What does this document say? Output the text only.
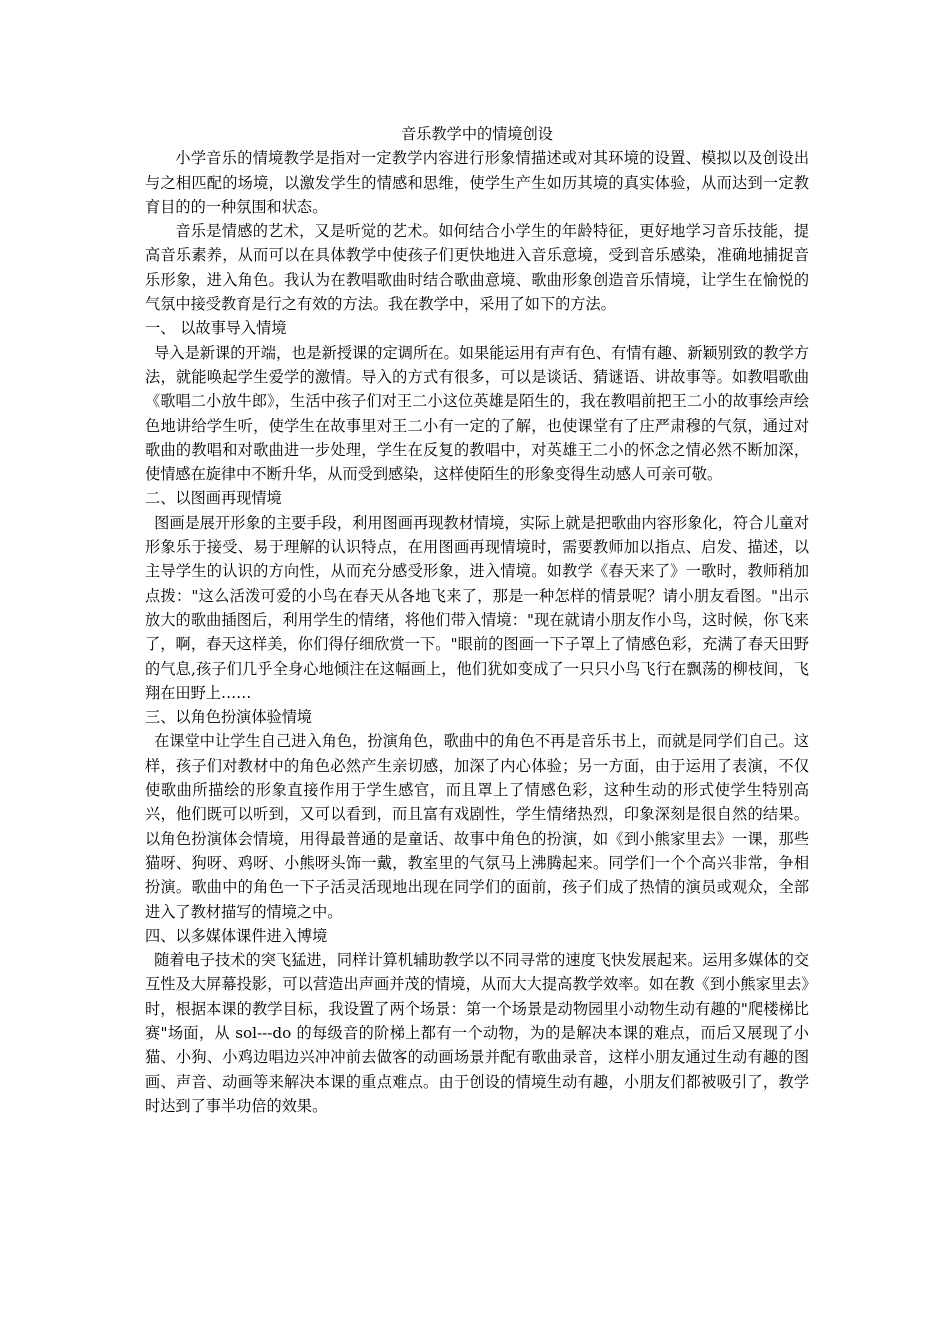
音乐教学中的情境创设

小学音乐的情境教学是指对一定教学内容进行形象情描述或对其环境的设置、模拟以及创设出与之相匹配的场境，以激发学生的情感和思维，使学生产生如历其境的真实体验，从而达到一定教育目的的一种氛围和状态。

音乐是情感的艺术，又是听觉的艺术。如何结合小学生的年龄特征，更好地学习音乐技能，提高音乐素养，从而可以在具体教学中使孩子们更快地进入音乐意境，受到音乐感染，准确地捕捉音乐形象，进入角色。我认为在教唱歌曲时结合歌曲意境、歌曲形象创造音乐情境，让学生在愉悦的气氛中接受教育是行之有效的方法。我在教学中，采用了如下的方法。

一、 以故事导入情境

导入是新课的开端，也是新授课的定调所在。如果能运用有声有色、有情有趣、新颖别致的教学方法，就能唤起学生爱学的激情。导入的方式有很多，可以是谈话、猜谜语、讲故事等。如教唱歌曲《歌唱二小放牛郎》，生活中孩子们对王二小这位英雄是陌生的，我在教唱前把王二小的故事绘声绘色地讲给学生听，使学生在故事里对王二小有一定的了解，也使课堂有了庄严肃穆的气氛，通过对歌曲的教唱和对歌曲进一步处理，学生在反复的教唱中，对英雄王二小的怀念之情必然不断加深，使情感在旋律中不断升华，从而受到感染，这样使陌生的形象变得生动感人可亲可敬。

二、以图画再现情境

图画是展开形象的主要手段，利用图画再现教材情境，实际上就是把歌曲内容形象化，符合儿童对形象乐于接受、易于理解的认识特点，在用图画再现情境时，需要教师加以指点、启发、描述，以主导学生的认识的方向性，从而充分感受形象，进入情境。如教学《春天来了》一歌时，教师稍加点拨："这么活泼可爱的小鸟在春天从各地飞来了，那是一种怎样的情景呢？请小朋友看图。"出示放大的歌曲插图后，利用学生的情绪，将他们带入情境："现在就请小朋友作小鸟，这时候，你飞来了，啊，春天这样美，你们得仔细欣赏一下。"眼前的图画一下子罩上了情感色彩，充满了春天田野的气息,孩子们几乎全身心地倾注在这幅画上，他们犹如变成了一只只小鸟飞行在飘荡的柳枝间，飞翔在田野上……

三、以角色扮演体验情境

在课堂中让学生自己进入角色，扮演角色，歌曲中的角色不再是音乐书上，而就是同学们自己。这样，孩子们对教材中的角色必然产生亲切感，加深了内心体验；另一方面，由于运用了表演，不仅使歌曲所描绘的形象直接作用于学生感官，而且罩上了情感色彩，这种生动的形式使学生特别高兴，他们既可以听到，又可以看到，而且富有戏剧性，学生情绪热烈，印象深刻是很自然的结果。以角色扮演体会情境，用得最普通的是童话、故事中角色的扮演，如《到小熊家里去》一课，那些猫呀、狗呀、鸡呀、小熊呀头饰一戴，教室里的气氛马上沸腾起来。同学们一个个高兴非常，争相扮演。歌曲中的角色一下子活灵活现地出现在同学们的面前，孩子们成了热情的演员或观众，全部进入了教材描写的情境之中。

四、以多媒体课件进入博境

随着电子技术的突飞猛进，同样计算机辅助教学以不同寻常的速度飞快发展起来。运用多媒体的交互性及大屏幕投影，可以营造出声画并茂的情境，从而大大提高教学效率。如在教《到小熊家里去》时，根据本课的教学目标，我设置了两个场景：第一个场景是动物园里小动物生动有趣的"爬楼梯比赛"场面，从 sol---do 的每级音的阶梯上都有一个动物，为的是解决本课的难点，而后又展现了小猫、小狗、小鸡边唱边兴冲冲前去做客的动画场景并配有歌曲录音，这样小朋友通过生动有趣的图画、声音、动画等来解决本课的重点难点。由于创设的情境生动有趣，小朋友们都被吸引了，教学时达到了事半功倍的效果。
